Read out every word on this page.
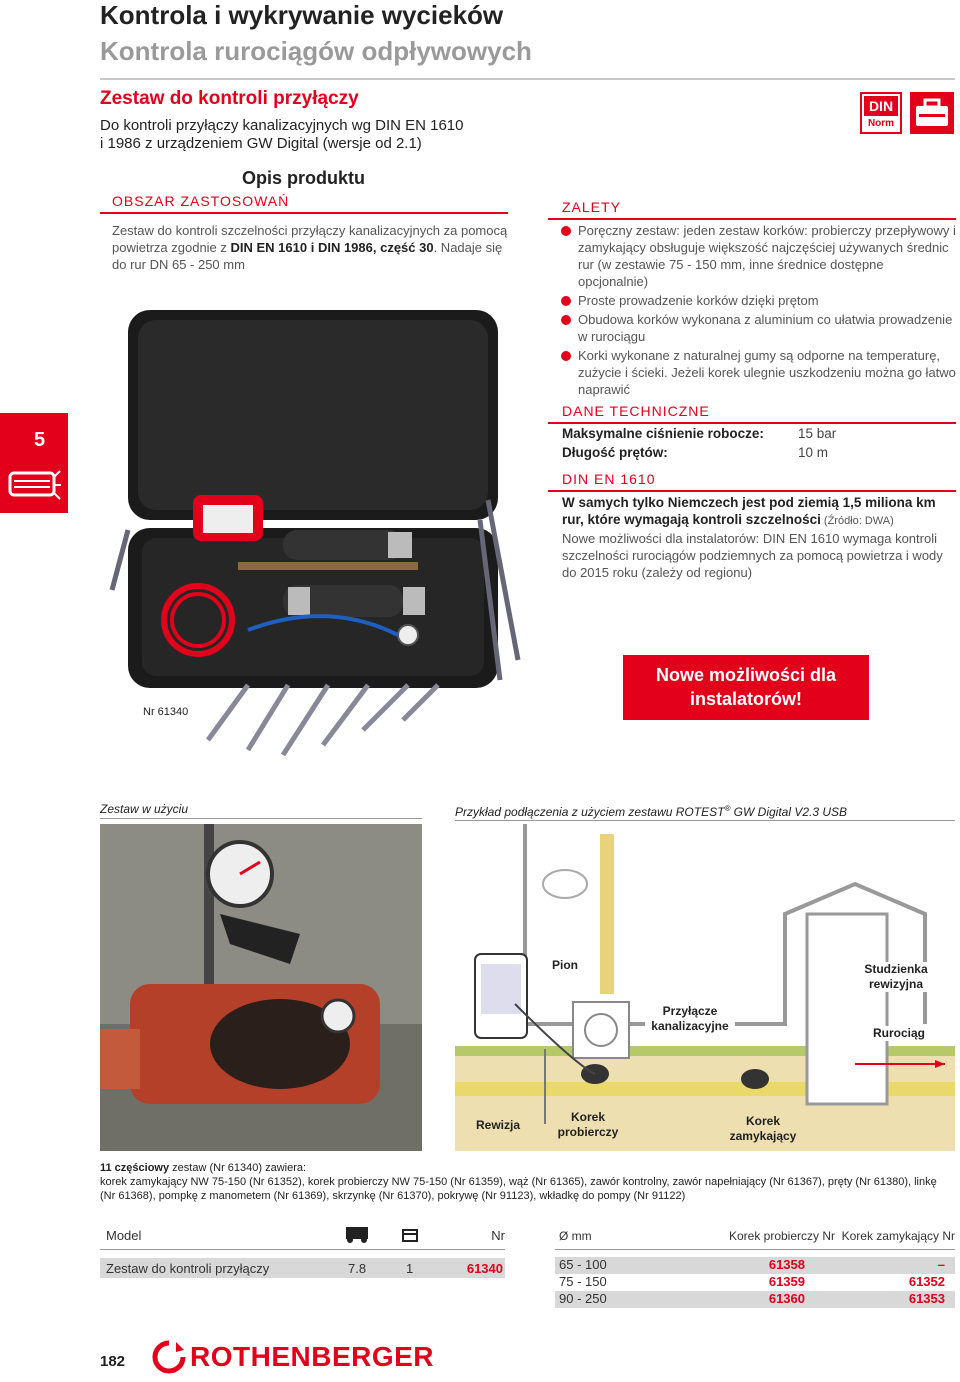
Kontrola i wykrywanie wycieków
Kontrola rurociągów odpływowych
Zestaw do kontroli przyłączy
Do kontroli przyłączy kanalizacyjnych wg DIN EN 1610
i 1986 z urządzeniem GW Digital (wersje od 2.1)
DIN
Norm
Opis produktu
OBSZAR ZASTOSOWAŃ
Zestaw do kontroli szczelności przyłączy kanalizacyjnych za pomocą powietrza zgodnie z DIN EN 1610 i DIN 1986, część 30. Nadaje się do rur DN 65 - 250 mm
5
Nr 61340
ZALETY
Poręczny zestaw: jeden zestaw korków: probierczy przepływowy i zamykający obsługuje większość najczęściej używanych średnic rur (w zestawie 75 - 150 mm, inne średnice dostępne opcjonalnie)
Proste prowadzenie korków dzięki prętom
Obudowa korków wykonana z aluminium co ułatwia prowadzenie w rurociągu
Korki wykonane z naturalnej gumy są odporne na temperaturę, zużycie i ścieki. Jeżeli korek ulegnie uszkodzeniu można go łatwo naprawić
DANE TECHNICZNE
Maksymalne ciśnienie robocze:	15 bar
Długość prętów:	10 m
DIN EN 1610
W samych tylko Niemczech jest pod ziemią 1,5 miliona km rur, które wymagają kontroli szczelności (Źródło: DWA)
Nowe możliwości dla instalatorów: DIN EN 1610 wymaga kontroli szczelności rurociągów podziemnych za pomocą powietrza i wody do 2015 roku (zależy od regionu)
Nowe możliwości dla
instalatorów!
Zestaw w użyciu	Przykład podłączenia z użyciem zestawu ROTEST® GW Digital V2.3 USB
Pion	Studzienka rewizyjna
Przyłącze kanalizacyjne	Rurociąg
Rewizja
Korek probierczy
Korek zamykający
11 częściowy zestaw (Nr 61340) zawiera:
korek zamykający NW 75-150 (Nr 61352), korek probierczy NW 75-150 (Nr 61359), wąż (Nr 61365), zawór kontrolny, zawór napełniający (Nr 61367), pręty (Nr 61380), linkę (Nr 61368), pompkę z manometem (Nr 61369), skrzynkę (Nr 61370), pokrywę (Nr 91123), wkładkę do pompy (Nr 91122)
Model	Nr
Zestaw do kontroli przyłączy	7.8	1	61340
Ø mm	Korek probierczy Nr Korek zamykający Nr
65 - 100	61358	–
75 - 150	61359	61352
90 - 250	61360	61353
182 ROTHENBERGER
